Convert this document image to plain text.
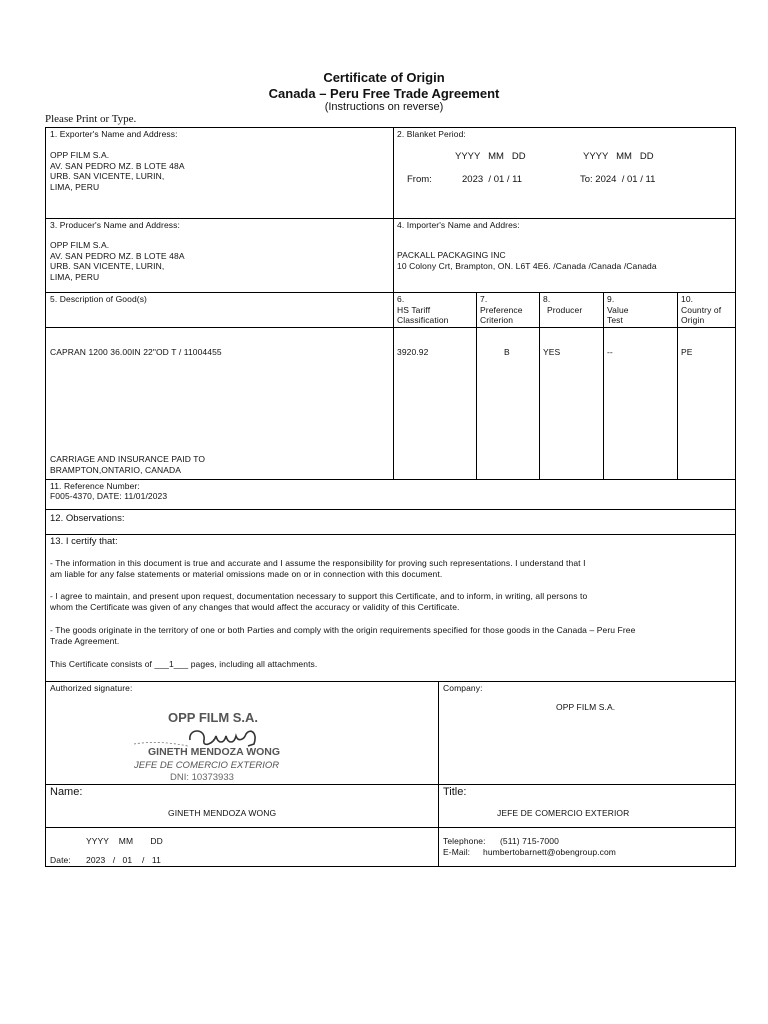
Certificate of Origin
Canada – Peru Free Trade Agreement
(Instructions on reverse)
Please Print or Type.
1. Exporter's Name and Address:
OPP FILM S.A.
AV. SAN PEDRO MZ. B LOTE 48A
URB. SAN VICENTE, LURIN,
LIMA, PERU
2. Blanket Period:
YYYY   MM   DD	YYYY   MM   DD
From:	2023  / 01 / 11	To: 2024  / 01 / 11
3. Producer's Name and Address:
OPP FILM S.A.
AV. SAN PEDRO MZ. B LOTE 48A
URB. SAN VICENTE, LURIN,
LIMA, PERU
4. Importer's Name and Addres:
PACKALL PACKAGING INC
10 Colony Crt, Brampton, ON. L6T 4E6. /Canada /Canada /Canada
5. Description of Good(s)	6.
HS Tariff
Classification
7.
Preference
Criterion
8.
Producer
9.
Value
Test
10.
Country of
Origin
CAPRAN 1200 36.00IN 22"OD T / 11004455	3920.92	B	YES	--	PE
CARRIAGE AND INSURANCE PAID TO
BRAMPTON,ONTARIO, CANADA
11. Reference Number:
F005-4370, DATE: 11/01/2023
12. Observations:
13. I certify that:
- The information in this document is true and accurate and I assume the responsibility for proving such representations. I understand that I
am liable for any false statements or material omissions made on or in connection with this document.
- I agree to maintain, and present upon request, documentation necessary to support this Certificate, and to inform, in writing, all persons to
whom the Certificate was given of any changes that would affect the accuracy or validity of this Certificate.
- The goods originate in the territory of one or both Parties and comply with the origin requirements specified for those goods in the Canada – Peru Free
Trade Agreement.
This Certificate consists of ___1___ pages, including all attachments.
Authorized signature:
OPP FILM S.A.
GINETH MENDOZA WONG
JEFE DE COMERCIO EXTERIOR
DNI: 10373933
Company:
OPP FILM S.A.
Name:
GINETH MENDOZA WONG
Title:
JEFE DE COMERCIO EXTERIOR
YYYY    MM       DD
Date: 2023   /   01    /   11
Telephone: (511) 715-7000
E-Mail: humbertobarnett@obengroup.com
